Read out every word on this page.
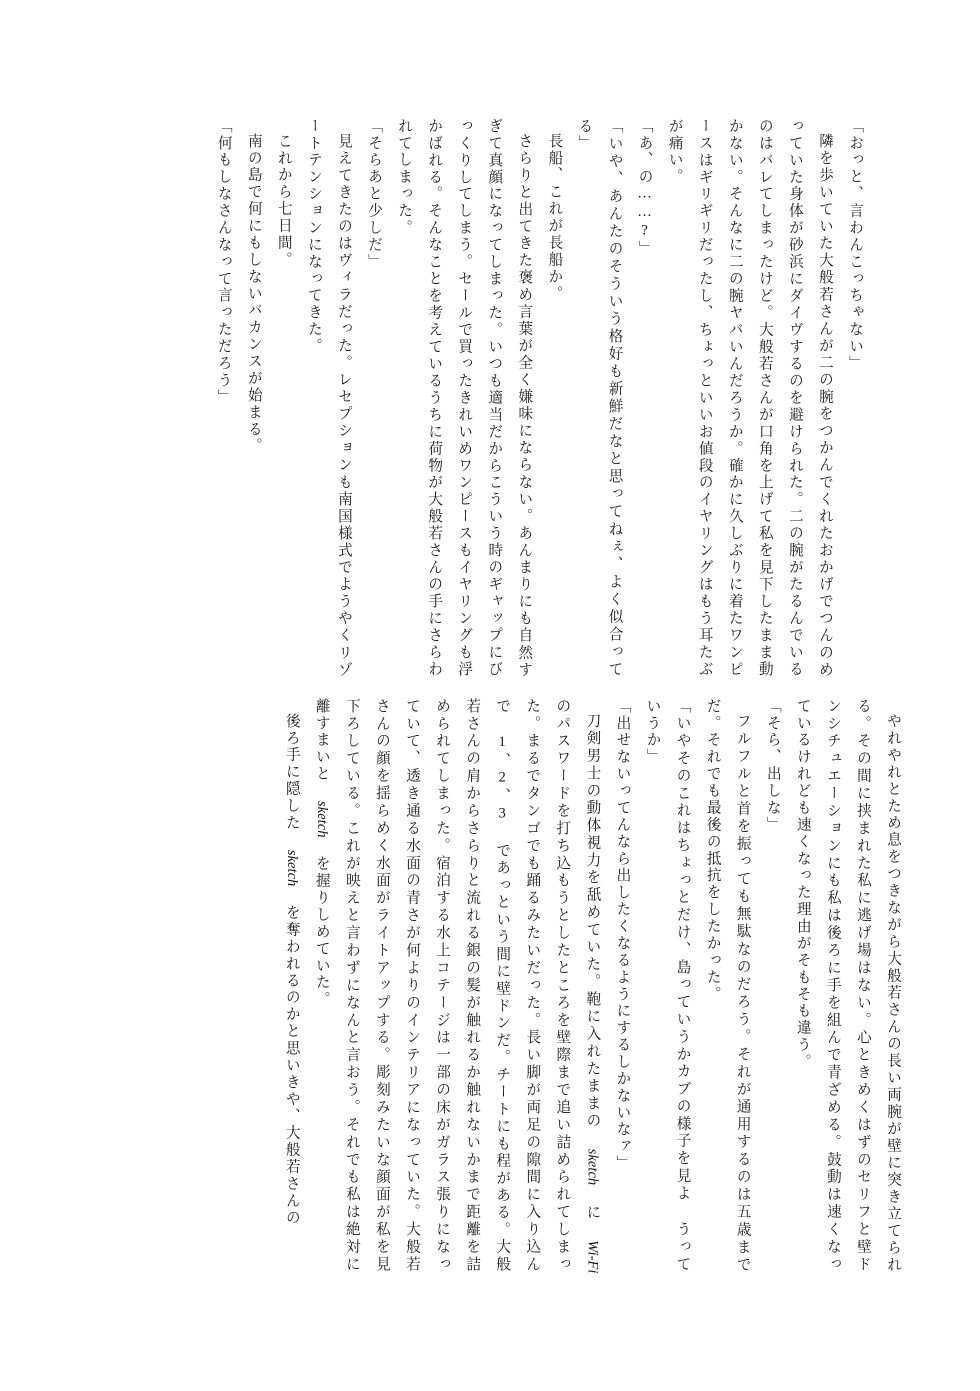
「おっと、言わんこっちゃない」

隣を歩いていた大般若さんが二の腕をつかんでくれたおかげでつんのめっていた身体が砂浜にダイヴするのを避けられた。二の腕がたるんでいるのはバレてしまったけど。大般若さんが口角を上げて私を見下したまま動かない。そんなに二の腕ヤバいんだろうか。確かに久しぶりに着たワンピースはギリギリだったし、ちょっといいお値段のイヤリングはもう耳たぶが痛い。

「あ、の……?」

「いや、あんたのそういう格好も新鮮だなと思ってねぇ、よく似合ってる」

長船、これが長船か。

さらりと出てきた褒め言葉が全く嫌味にならない。あんまりにも自然すぎて真顔になってしまった。いつも適当だからこういう時のギャップにびっくりしてしまう。セールで買ったきれいめワンピースもイヤリングも浮かばれる。そんなことを考えているうちに荷物が大般若さんの手にさらわれてしまった。

「そらあと少しだ」

見えてきたのはヴィラだった。レセプションも南国様式でようやくリゾートテンションになってきた。

これから七日間。

南の島で何にもしないバカンスが始まる。

「何もしなさんなって言っただろう」

やれやれとため息をつきながら大般若さんの長い両腕が壁に突き立てられる。その間に挟まれた私に逃げ場はない。心ときめくはずのセリフと壁ドンシチュエーションにも私は後ろに手を組んで青ざめる。鼓動は速くなっているけれども速くなった理由がそもそも違う。

「そら、出しな」

フルフルと首を振っても無駄なのだろう。それが通用するのは五歳までだ。それでも最後の抵抗をしたかった。

「いやそのこれはちょっとだけ、島っていうかカブの様子を見よ うっていうか」

「出せないってんなら出したくなるようにするしかないなァ」

刀剣男士の動体視力を舐めていた。鞄に入れたままの sketch に Wi-Fi のパスワードを打ち込もうとしたところを壁際まで追い詰められてしまった。まるでタンゴでも踊るみたいだった。長い脚が両足の隙間に入り込んで 1、2、3 であっという間に壁ドンだ。チートにも程がある。大般若さんの肩からさらりと流れる銀の髪が触れるか触れないかまで距離を詰められてしまった。宿泊する水上コテージは一部の床がガラス張りになっていて、透き通る水面の青さが何よりのインテリアになっていた。大般若さんの顔を揺らめく水面がライトアップする。彫刻みたいな顔面が私を見下ろしている。これが映えと言わずになんと言おう。それでも私は絶対に離すまいと sketch を握りしめていた。

後ろ手に隠した sketch を奪われるのかと思いきや、大般若さんの
